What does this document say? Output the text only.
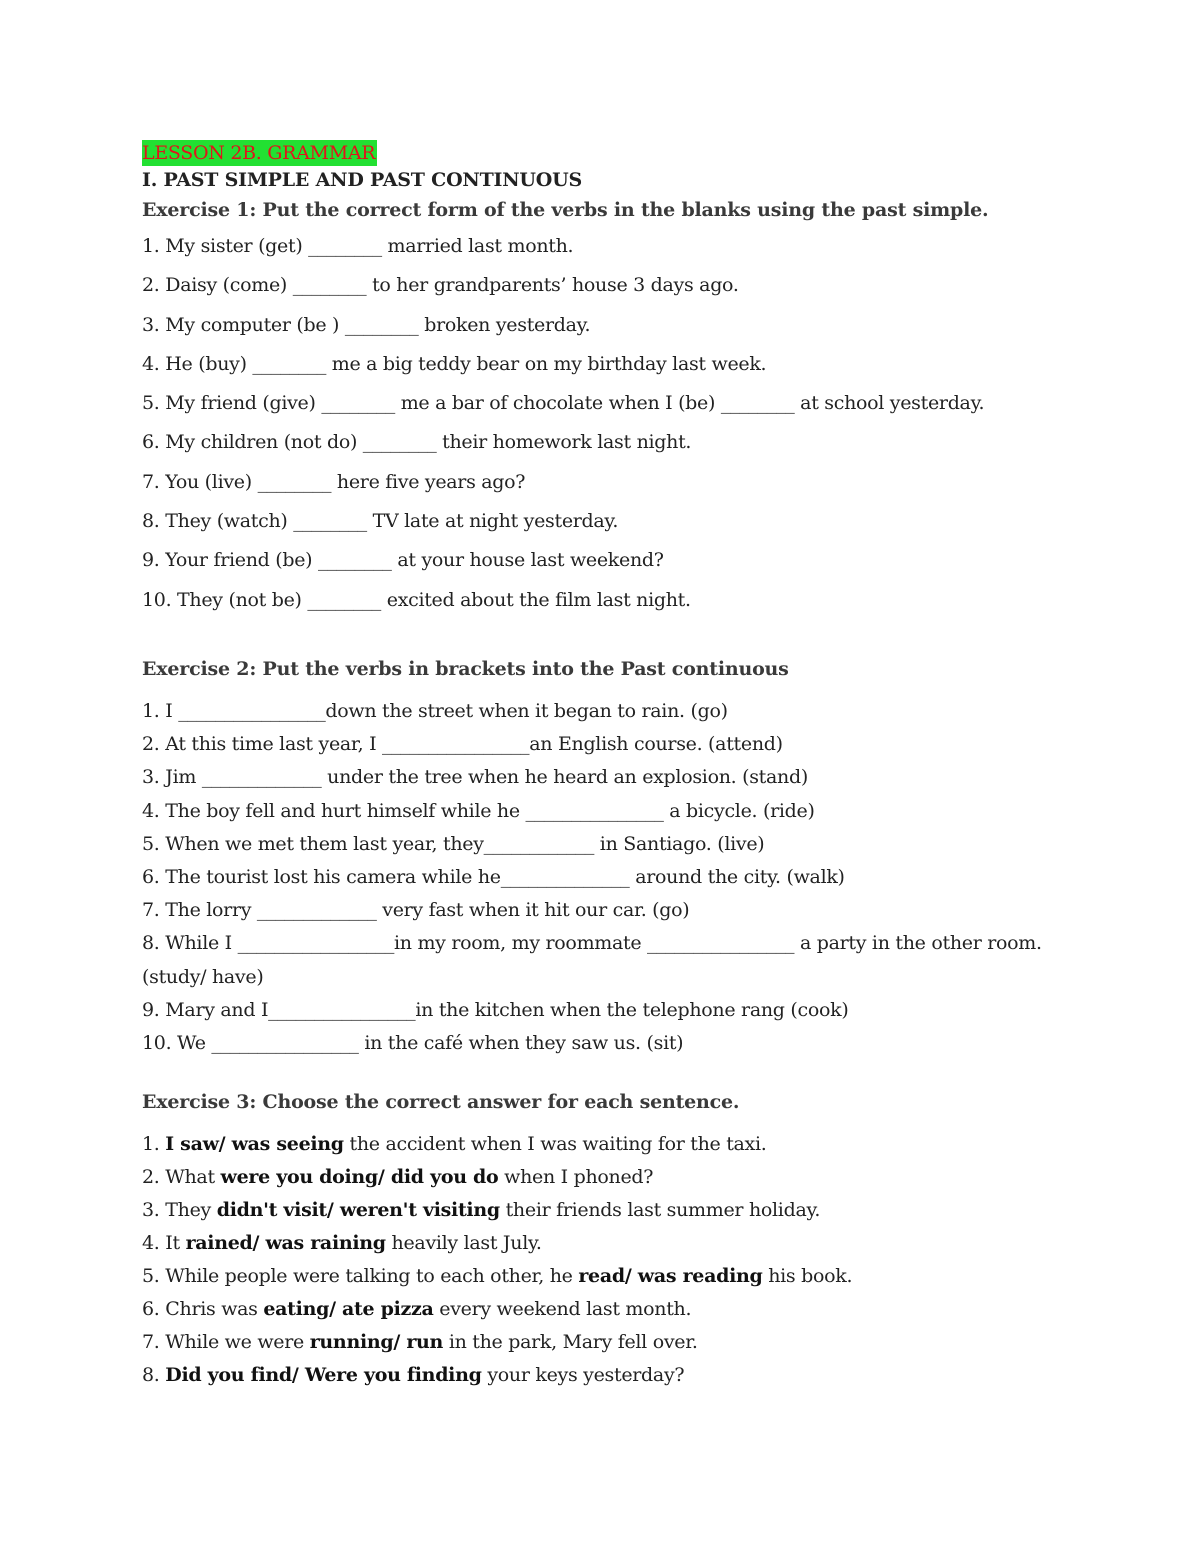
LESSON 2B. GRAMMAR
I. PAST SIMPLE AND PAST CONTINUOUS
Exercise 1: Put the correct form of the verbs in the blanks using the past simple.
1. My sister (get) ________ married last month.
2. Daisy (come) ________ to her grandparents’ house 3 days ago.
3. My computer (be ) ________ broken yesterday.
4. He (buy) ________ me a big teddy bear on my birthday last week.
5. My friend (give) ________ me a bar of chocolate when I (be) ________ at school yesterday.
6. My children (not do) ________ their homework last night.
7. You (live) ________ here five years ago?
8. They (watch) ________ TV late at night yesterday.
9. Your friend (be) ________ at your house last weekend?
10. They (not be) ________ excited about the film last night.
Exercise 2: Put the verbs in brackets into the Past continuous
1. I ________________down the street when it began to rain. (go)
2. At this time last year, I ________________an English course. (attend)
3. Jim _____________ under the tree when he heard an explosion. (stand)
4. The boy fell and hurt himself while he _______________ a bicycle. (ride)
5. When we met them last year, they____________ in Santiago. (live)
6. The tourist lost his camera while he______________ around the city. (walk)
7. The lorry _____________ very fast when it hit our car. (go)
8. While I _________________in my room, my roommate ________________ a party in the other room. (study/ have)
9. Mary and I________________in the kitchen when the telephone rang (cook)
10. We ________________ in the café when they saw us. (sit)
Exercise 3: Choose the correct answer for each sentence.
1. I saw/ was seeing the accident when I was waiting for the taxi.
2. What were you doing/ did you do when I phoned?
3. They didn't visit/ weren't visiting their friends last summer holiday.
4. It rained/ was raining heavily last July.
5. While people were talking to each other, he read/ was reading his book.
6. Chris was eating/ ate pizza every weekend last month.
7. While we were running/ run in the park, Mary fell over.
8. Did you find/ Were you finding your keys yesterday?
